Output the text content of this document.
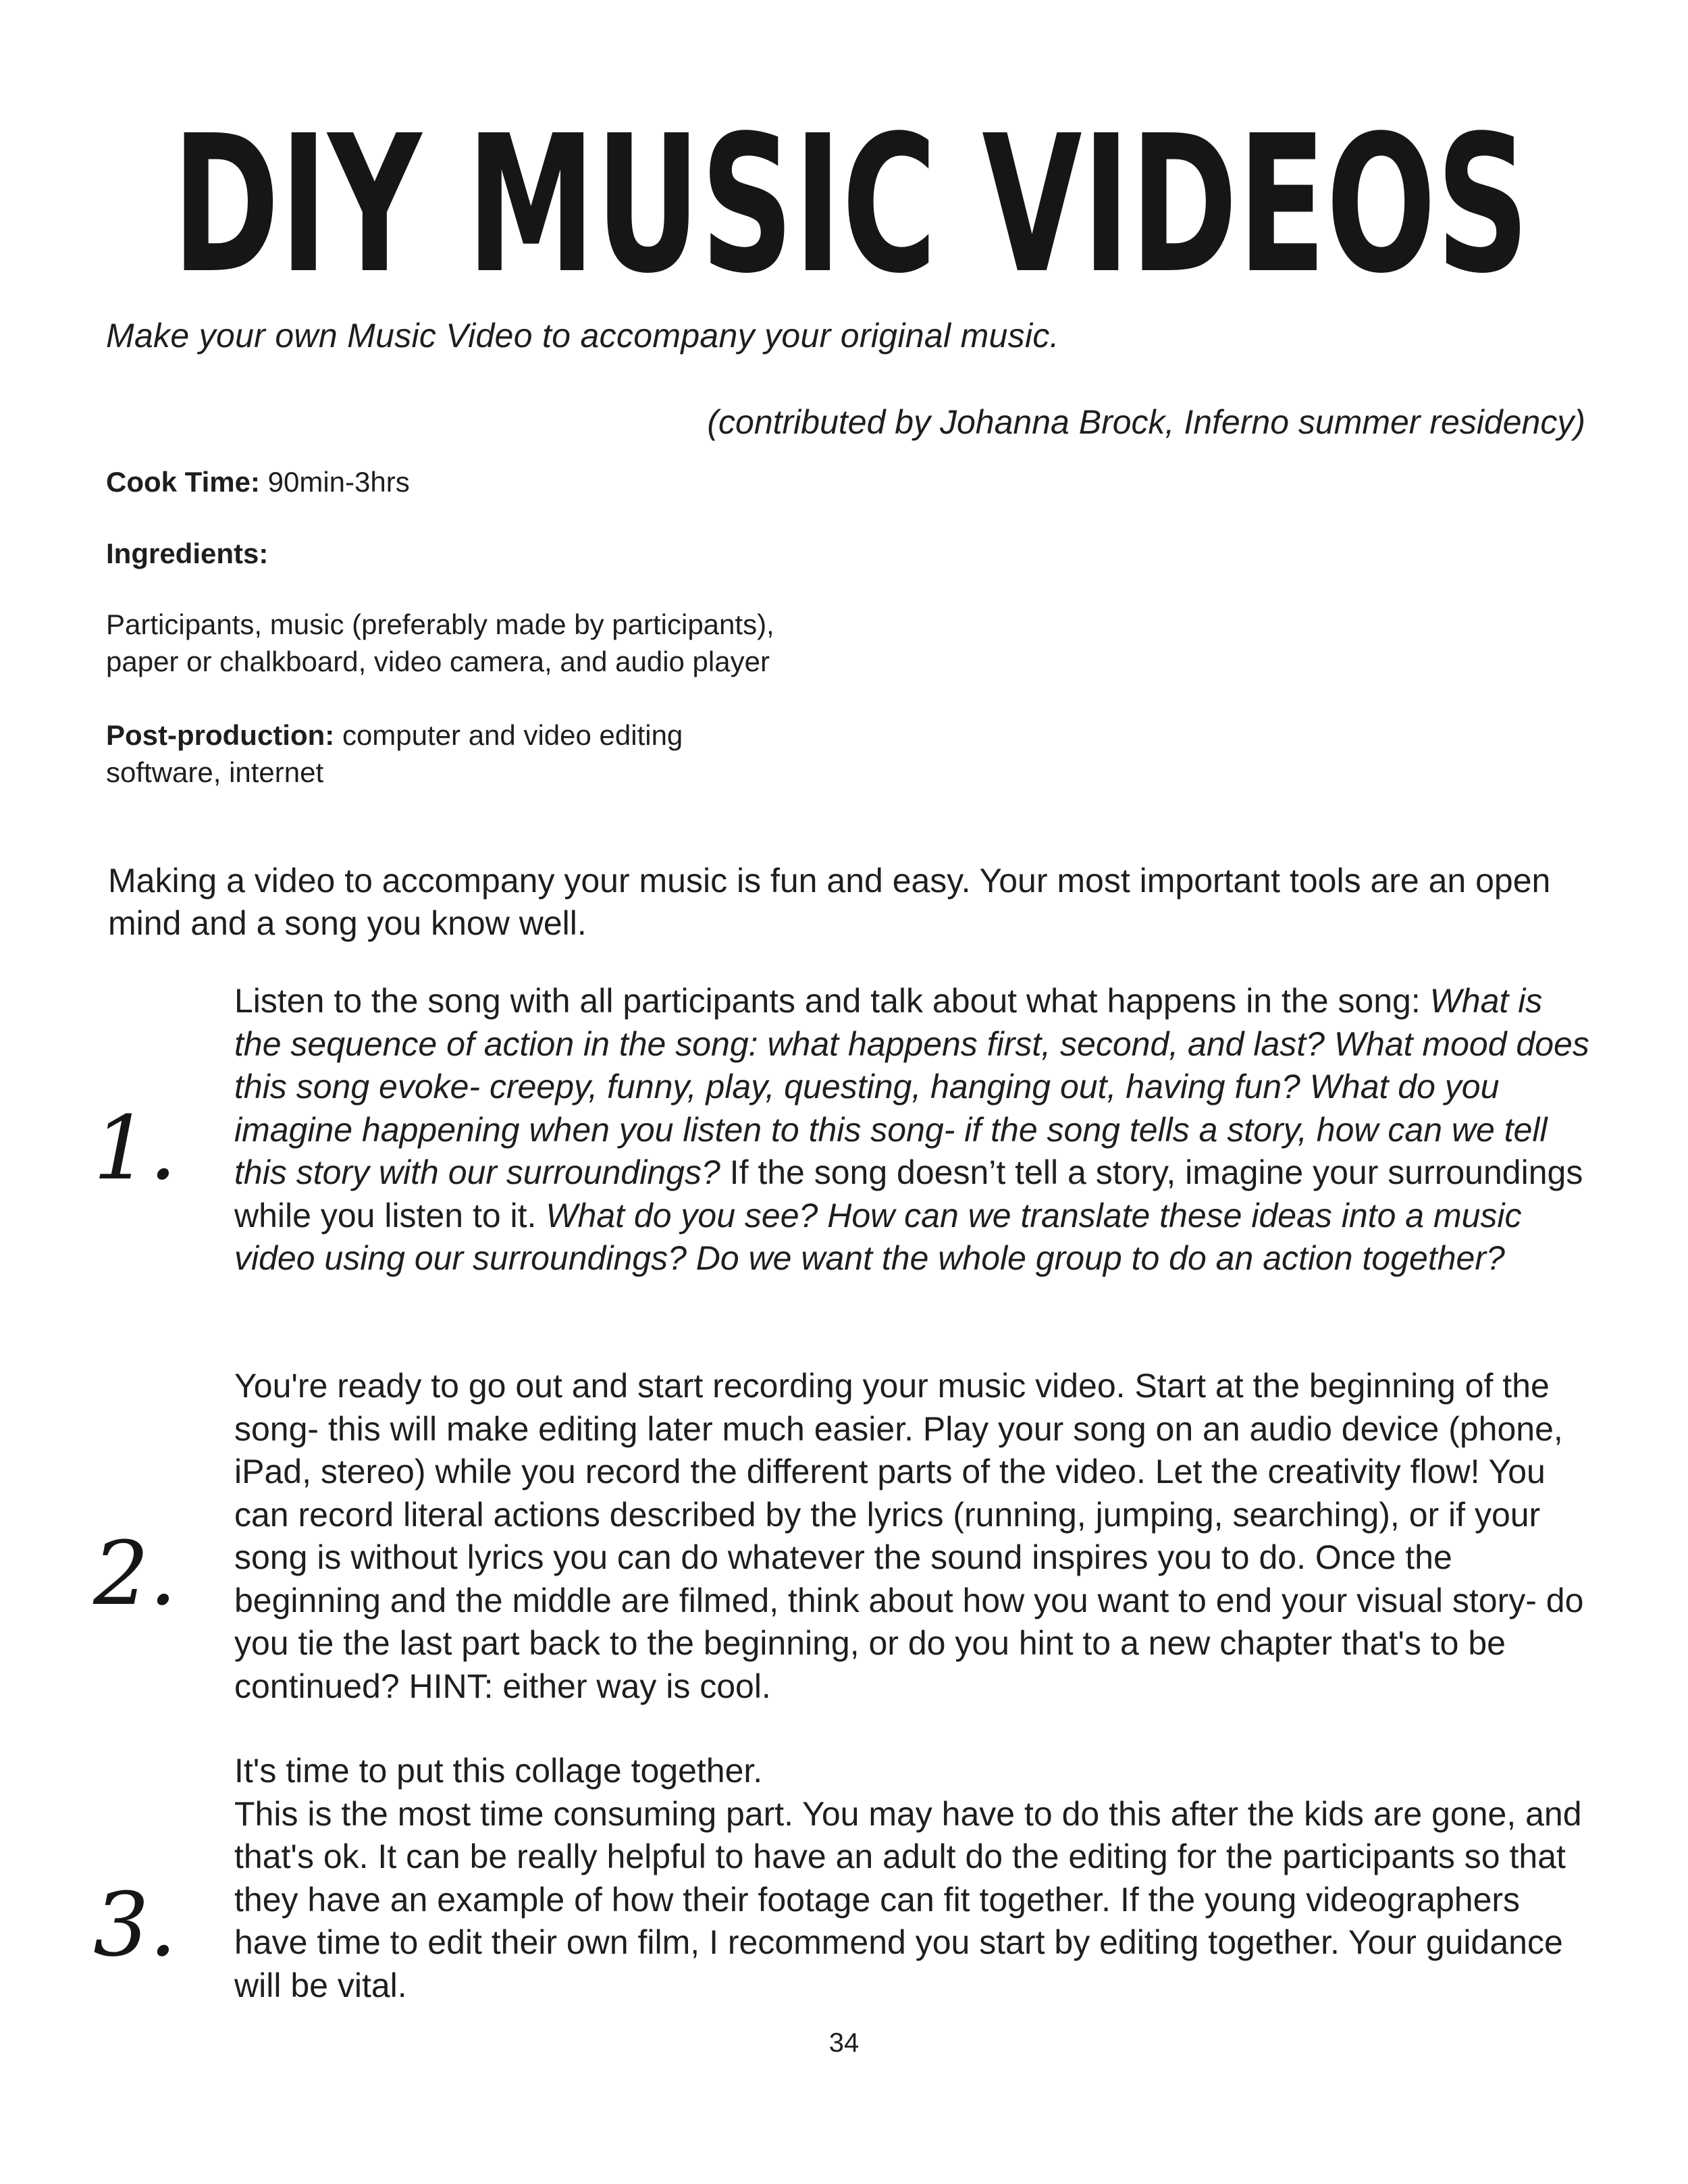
DIY MUSIC VIDEOS
Make your own Music Video to accompany your original music.
(contributed by Johanna Brock, Inferno summer residency)
Cook Time: 90min-3hrs
Ingredients:
Participants, music (preferably made by participants),
paper or chalkboard, video camera, and audio player
Post-production: computer and video editing
software, internet
Making a video to accompany your music is fun and easy. Your most important tools are an open mind and a song you know well.
1.

Listen to the song with all participants and talk about what happens in the song: What is the sequence of action in the song: what happens first, second, and last? What mood does this song evoke- creepy, funny, play, questing, hanging out, having fun? What do you imagine happening when you listen to this song- if the song tells a story, how can we tell this story with our surroundings? If the song doesn’t tell a story, imagine your surroundings while you listen to it. What do you see? How can we translate these ideas into a music video using our surroundings? Do we want the whole group to do an action together?

2.

You're ready to go out and start recording your music video. Start at the beginning of the song- this will make editing later much easier. Play your song on an audio device (phone, iPad, stereo) while you record the different parts of the video. Let the creativity flow! You can record literal actions described by the lyrics (running, jumping, searching), or if your song is without lyrics you can do whatever the sound inspires you to do. Once the beginning and the middle are filmed, think about how you want to end your visual story- do you tie the last part back to the beginning, or do you hint to a new chapter that's to be continued? HINT: either way is cool.

3.

It's time to put this collage together.

This is the most time consuming part. You may have to do this after the kids are gone, and that's ok. It can be really helpful to have an adult do the editing for the participants so that they have an example of how their footage can fit together. If the young videographers have time to edit their own film, I recommend you start by editing together. Your guidance will be vital.

34
